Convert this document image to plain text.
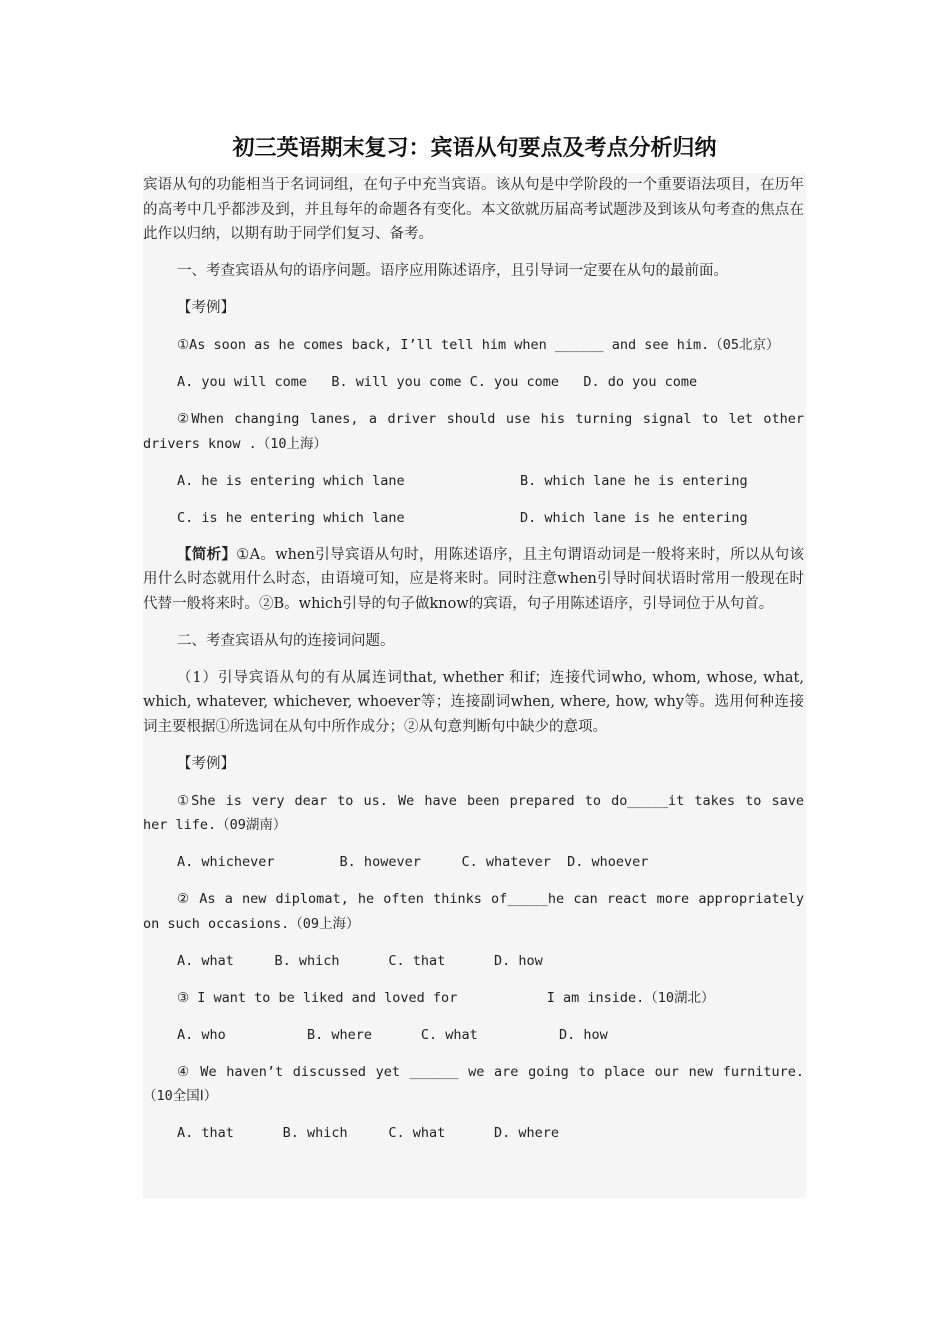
初三英语期末复习：宾语从句要点及考点分析归纳

宾语从句的功能相当于名词词组，在句子中充当宾语。该从句是中学阶段的一个重要语法项目，在历年的高考中几乎都涉及到，并且每年的命题各有变化。本文欲就历届高考试题涉及到该从句考查的焦点在此作以归纳，以期有助于同学们复习、备考。

一、考查宾语从句的语序问题。语序应用陈述语序，且引导词一定要在从句的最前面。

【考例】

①As soon as he comes back, I’ll tell him when ______ and see him.（05北京）

A. you will come   B. will you come C. you come   D. do you come

②When changing lanes, a driver should use his turning signal to let other drivers know .（10上海）

A. he is entering which lane

	B. which lane he is entering

C. is he entering which lane

	D. which lane is he entering

【简析】①A。when引导宾语从句时，用陈述语序，且主句谓语动词是一般将来时，所以从句该用什么时态就用什么时态，由语境可知，应是将来时。同时注意when引导时间状语时常用一般现在时代替一般将来时。②B。which引导的句子做know的宾语，句子用陈述语序，引导词位于从句首。

二、考查宾语从句的连接词问题。

（1）引导宾语从句的有从属连词that, whether 和if；连接代词who, whom, whose, what, which, whatever, whichever, whoever等；连接副词when, where, how, why等。选用何种连接词主要根据①所选词在从句中所作成分；②从句意判断句中缺少的意项。

【考例】

①She is very dear to us. We have been prepared to do_____it takes to save her life.（09湖南）

A. whichever        B. however     C. whatever  D. whoever

② As a new diplomat, he often thinks of_____he can react more appropriately on such occasions.（09上海）

A. what     B. which      C. that      D. how

③ I want to be liked and loved for           I am inside.（10湖北）

A. who          B. where      C. what          D. how

④ We haven’t discussed yet ______ we are going to place our new furniture.（10全国Ⅰ）

A. that      B. which     C. what      D. where
